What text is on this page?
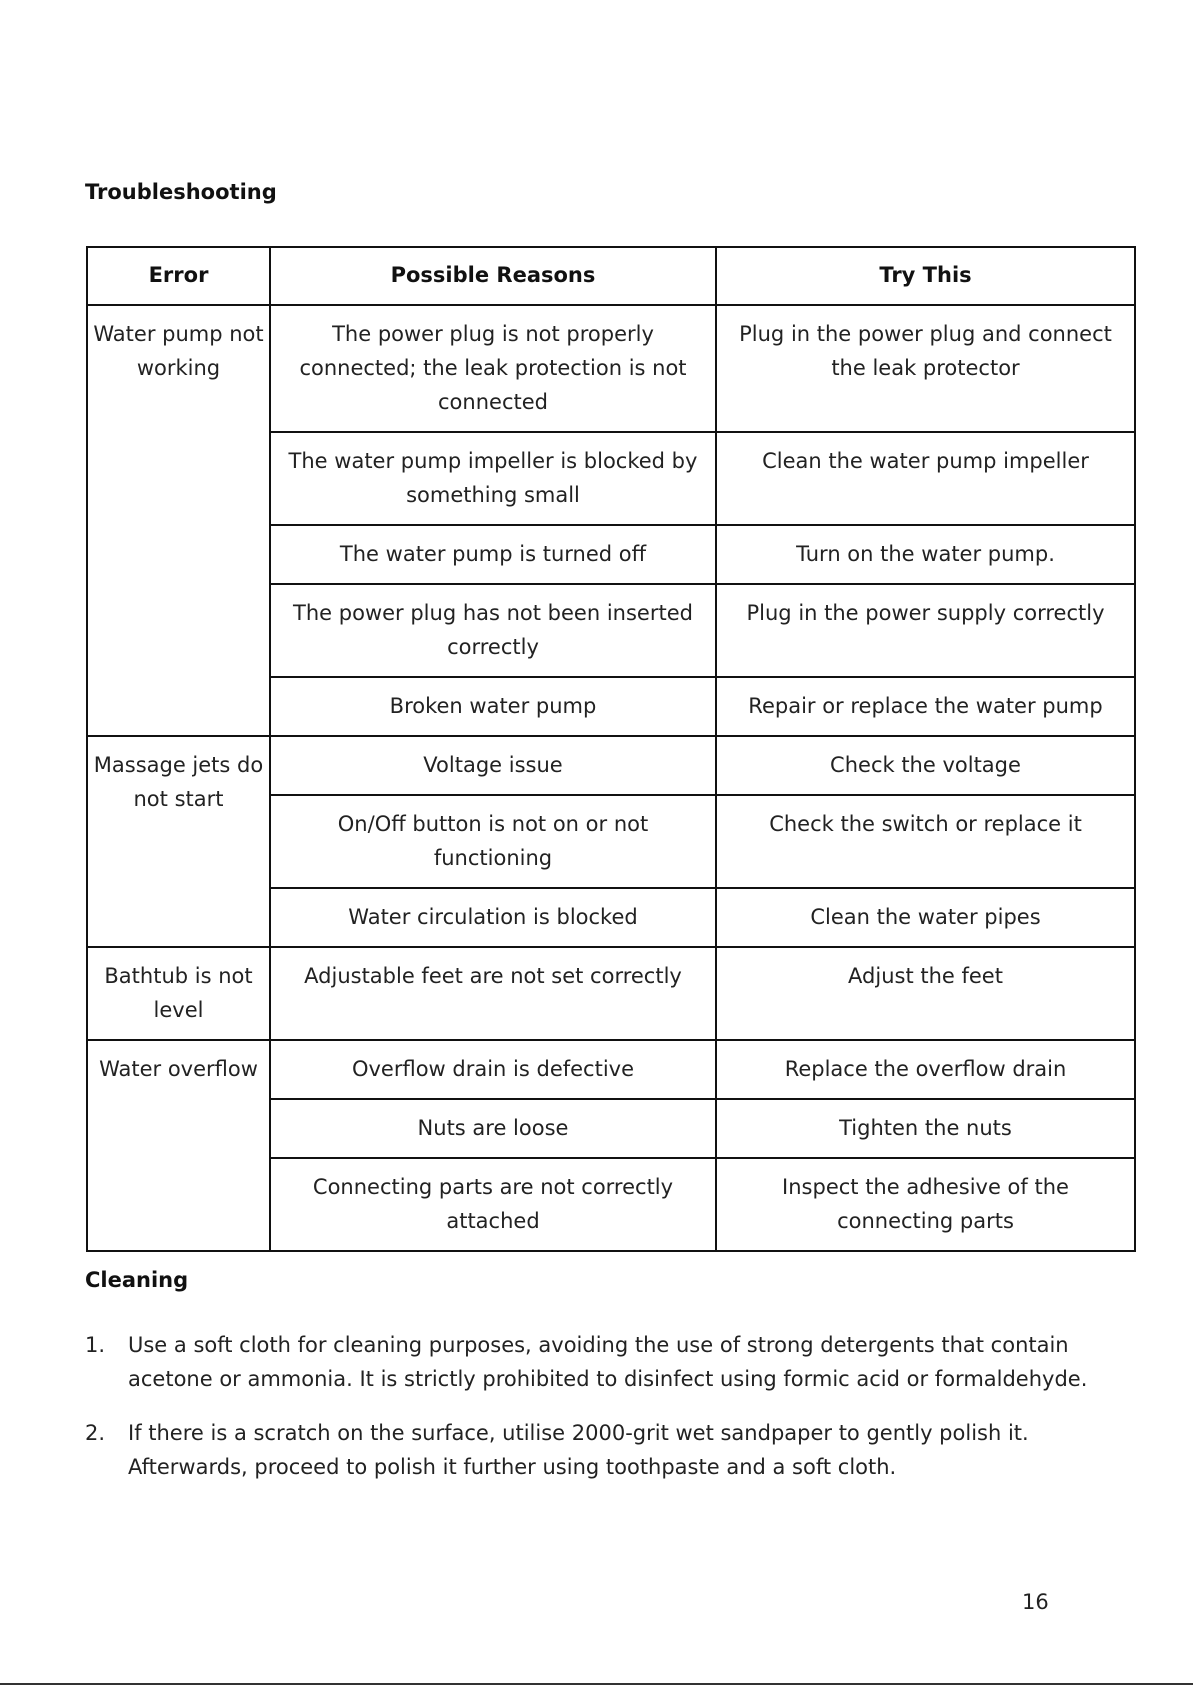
Troubleshooting
Error	Possible Reasons	Try This
Water pump not working	The power plug is not properly connected; the leak protection is not connected	Plug in the power plug and connect the leak protector
	The water pump impeller is blocked by something small	Clean the water pump impeller
	The water pump is turned off	Turn on the water pump.
	The power plug has not been inserted correctly	Plug in the power supply correctly
	Broken water pump	Repair or replace the water pump
Massage jets do not start	Voltage issue	Check the voltage
	On/Off button is not on or not functioning	Check the switch or replace it
	Water circulation is blocked	Clean the water pipes
Bathtub is not level	Adjustable feet are not set correctly	Adjust the feet
Water overflow	Overflow drain is defective	Replace the overflow drain
	Nuts are loose	Tighten the nuts
	Connecting parts are not correctly attached	Inspect the adhesive of the connecting parts
Cleaning
1. Use a soft cloth for cleaning purposes, avoiding the use of strong detergents that contain acetone or ammonia. It is strictly prohibited to disinfect using formic acid or formaldehyde.
2. If there is a scratch on the surface, utilise 2000-grit wet sandpaper to gently polish it. Afterwards, proceed to polish it further using toothpaste and a soft cloth.
16
